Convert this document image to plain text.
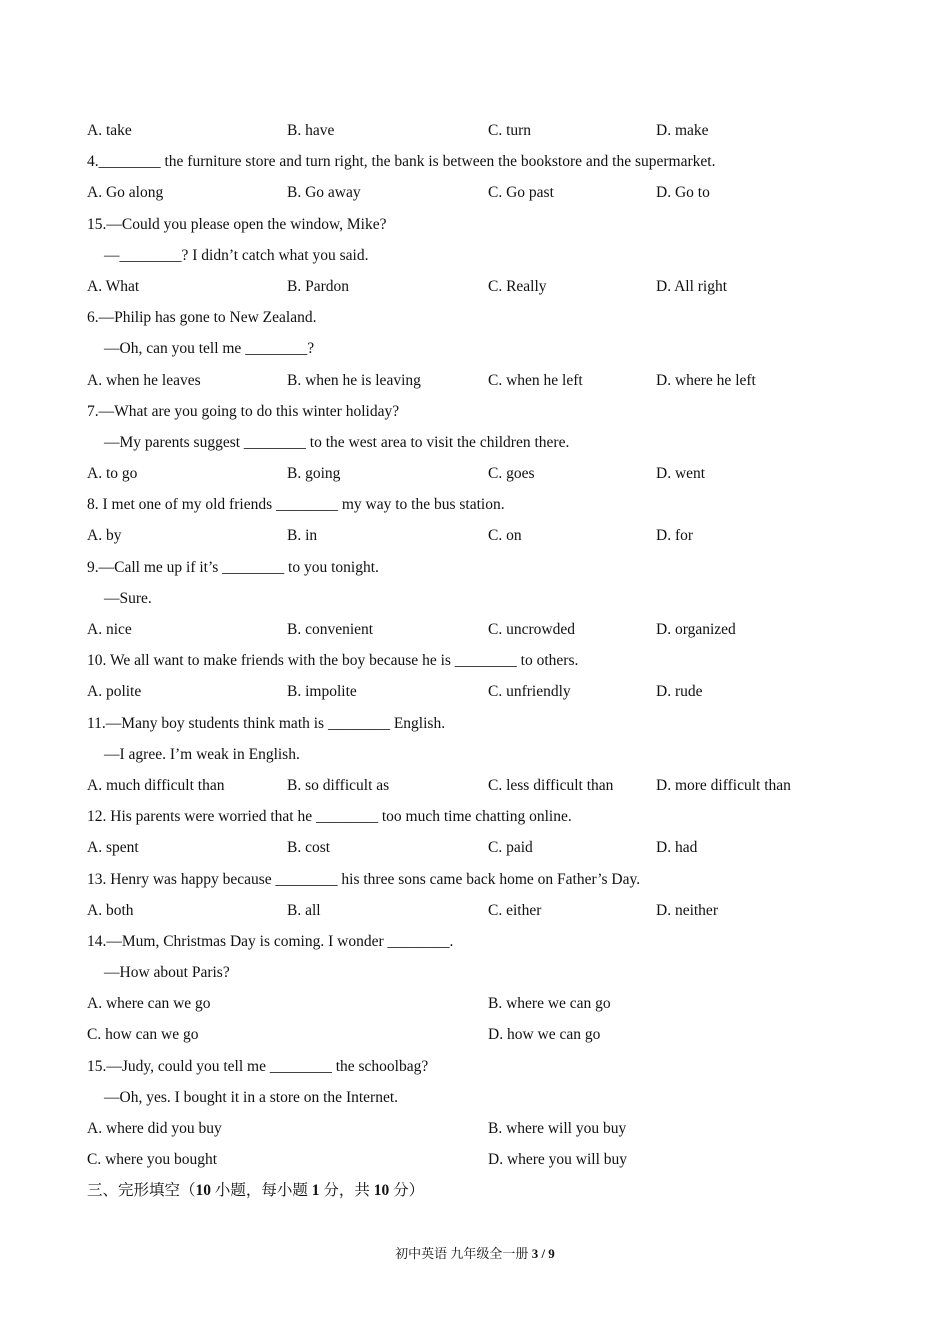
A. take	B. have	C. turn	D. make
4.________ the furniture store and turn right, the bank is between the bookstore and the supermarket.
A. Go along	B. Go away	C. Go past	D. Go to
15.—Could you please open the window, Mike?
—________? I didn’t catch what you said.
A. What	B. Pardon	C. Really	D. All right
6.—Philip has gone to New Zealand.
—Oh, can you tell me ________?
A. when he leaves	B. when he is leaving	C. when he left	D. where he left
7.—What are you going to do this winter holiday?
—My parents suggest ________ to the west area to visit the children there.
A. to go	B. going	C. goes	D. went
8. I met one of my old friends ________ my way to the bus station.
A. by	B. in	C. on	D. for
9.—Call me up if it’s ________ to you tonight.
—Sure.
A. nice	B. convenient	C. uncrowded	D. organized
10. We all want to make friends with the boy because he is ________ to others.
A. polite	B. impolite	C. unfriendly	D. rude
11.—Many boy students think math is ________ English.
—I agree. I’m weak in English.
A. much difficult than	B. so difficult as	C. less difficult than	D. more difficult than
12. His parents were worried that he ________ too much time chatting online.
A. spent	B. cost	C. paid	D. had
13. Henry was happy because ________ his three sons came back home on Father’s Day.
A. both	B. all	C. either	D. neither
14.—Mum, Christmas Day is coming. I wonder ________.
—How about Paris?
A. where can we go	B. where we can go
C. how can we go	D. how we can go
15.—Judy, could you tell me ________ the schoolbag?
—Oh, yes. I bought it in a store on the Internet.
A. where did you buy	B. where will you buy
C. where you bought	D. where you will buy
三、完形填空（10 小题，每小题 1 分，共 10 分）
初中英语 九年级全一册 3 / 9
